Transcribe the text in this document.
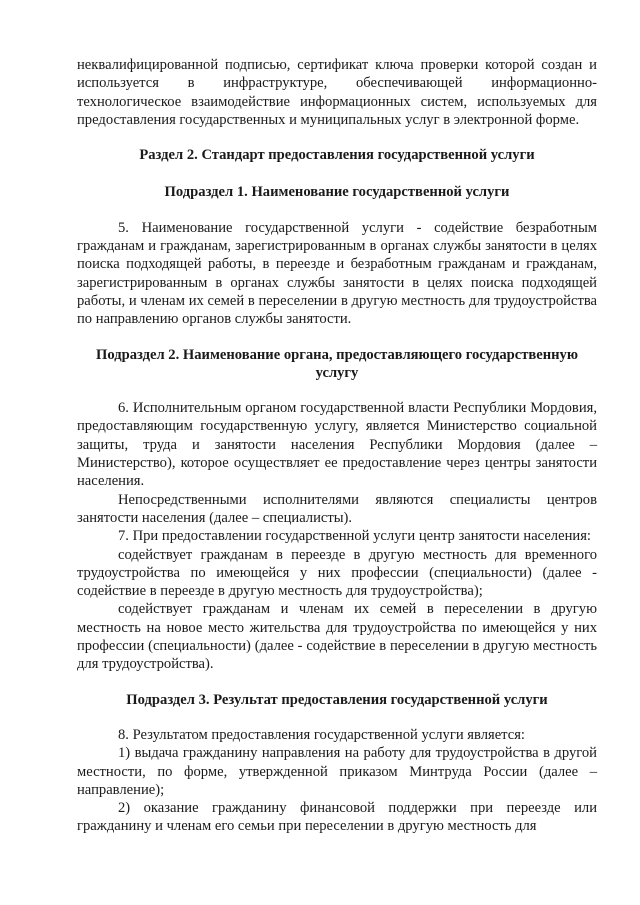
неквалифицированной подписью, сертификат ключа проверки которой создан и используется в инфраструктуре, обеспечивающей информационно-технологическое взаимодействие информационных систем, используемых для предоставления государственных и муниципальных услуг в электронной форме.

Раздел 2. Стандарт предоставления государственной услуги

Подраздел 1. Наименование государственной услуги

5. Наименование государственной услуги - содействие безработным гражданам и гражданам, зарегистрированным в органах службы занятости в целях поиска подходящей работы, в переезде и безработным гражданам и гражданам, зарегистрированным в органах службы занятости в целях поиска подходящей работы, и членам их семей в переселении в другую местность для трудоустройства по направлению органов службы занятости.

Подраздел 2. Наименование органа, предоставляющего государственную услугу

6. Исполнительным органом государственной власти Республики Мордовия, предоставляющим государственную услугу, является Министерство социальной защиты, труда и занятости населения Республики Мордовия (далее – Министерство), которое осуществляет ее предоставление через центры занятости населения.

Непосредственными исполнителями являются специалисты центров занятости населения (далее – специалисты).

7. При предоставлении государственной услуги центр занятости населения:

содействует гражданам в переезде в другую местность для временного трудоустройства по имеющейся у них профессии (специальности) (далее - содействие в переезде в другую местность для трудоустройства);

содействует гражданам и членам их семей в переселении в другую местность на новое место жительства для трудоустройства по имеющейся у них профессии (специальности) (далее - содействие в переселении в другую местность для трудоустройства).

Подраздел 3. Результат предоставления государственной услуги

8. Результатом предоставления государственной услуги является:

1) выдача гражданину направления на работу для трудоустройства в другой местности, по форме, утвержденной приказом Минтруда России (далее – направление);

2) оказание гражданину финансовой поддержки при переезде или гражданину и членам его семьи при переселении в другую местность для
